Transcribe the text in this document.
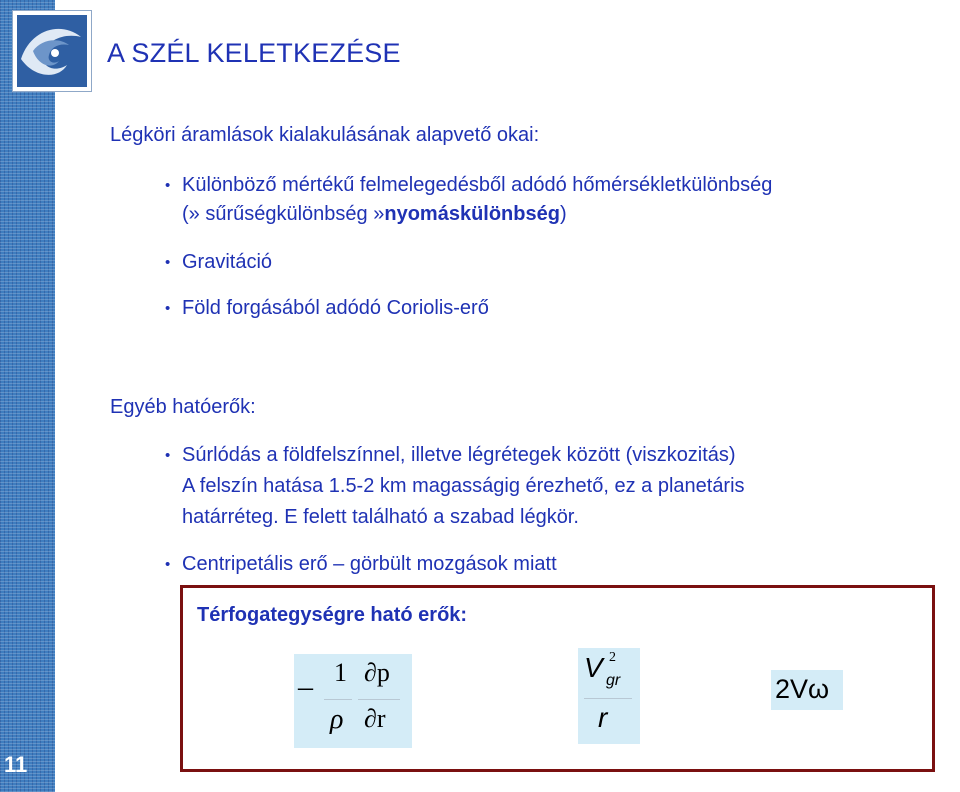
A SZÉL KELETKEZÉSE

Légköri áramlások kialakulásának alapvető okai:

• Különböző mértékű felmelegedésből adódó hőmérsékletkülönbség
(» sűrűségkülönbség »nyomáskülönbség)
• Gravitáció
• Föld forgásából adódó Coriolis-erő

Egyéb hatóerők:

• Súrlódás a földfelszínnel, illetve légrétegek között (viszkozitás)
A felszín hatása 1.5-2 km magasságig érezhető, ez a planetáris
határréteg. E felett található a szabad légkör.
• Centripetális erő – görbült mozgások miatt
Térfogategységre ható erők:
– 1 ∂p
ρ ∂r
V 2
gr
r
2Vω
11
